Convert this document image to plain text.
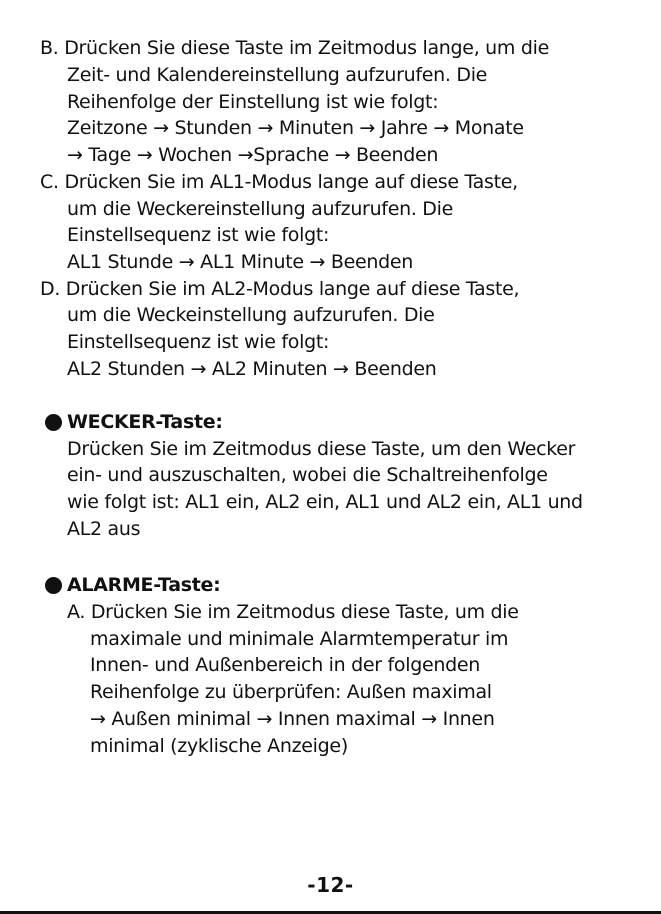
B. Drücken Sie diese Taste im Zeitmodus lange, um die
Zeit- und Kalendereinstellung aufzurufen. Die
Reihenfolge der Einstellung ist wie folgt:
Zeitzone → Stunden → Minuten → Jahre → Monate
→ Tage → Wochen →Sprache → Beenden
C. Drücken Sie im AL1-Modus lange auf diese Taste,
um die Weckereinstellung aufzurufen. Die
Einstellsequenz ist wie folgt:
AL1 Stunde → AL1 Minute → Beenden
D. Drücken Sie im AL2-Modus lange auf diese Taste,
um die Weckeinstellung aufzurufen. Die
Einstellsequenz ist wie folgt:
AL2 Stunden → AL2 Minuten → Beenden
WECKER-Taste:
Drücken Sie im Zeitmodus diese Taste, um den Wecker
ein- und auszuschalten, wobei die Schaltreihenfolge
wie folgt ist: AL1 ein, AL2 ein, AL1 und AL2 ein, AL1 und
AL2 aus
ALARME-Taste:
A. Drücken Sie im Zeitmodus diese Taste, um die
maximale und minimale Alarmtemperatur im
Innen- und Außenbereich in der folgenden
Reihenfolge zu überprüfen: Außen maximal
→ Außen minimal → Innen maximal → Innen
minimal (zyklische Anzeige)
-12-
